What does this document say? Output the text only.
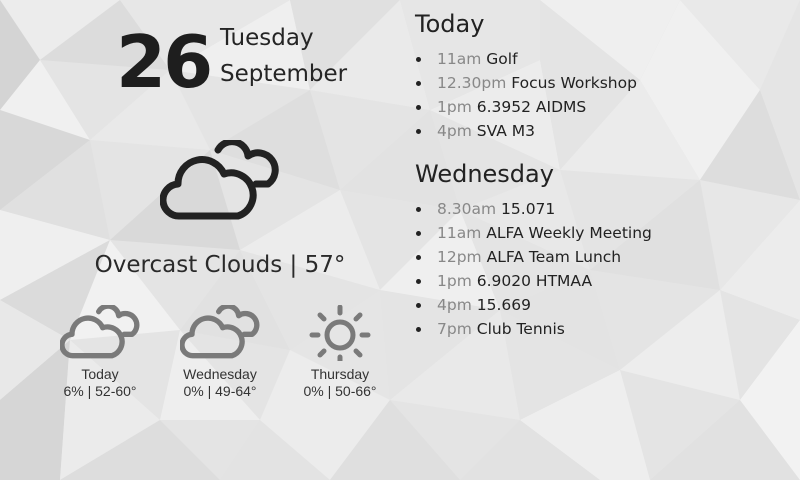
26 Tuesday
September
Overcast Clouds | 57°
Today
6% | 52-60°
Wednesday
0% | 49-64°
Thursday
0% | 50-66°
Today
11am Golf
12.30pm Focus Workshop
1pm 6.3952 AIDMS
4pm SVA M3
Wednesday
8.30am 15.071
11am ALFA Weekly Meeting
12pm ALFA Team Lunch
1pm 6.9020 HTMAA
4pm 15.669
7pm Club Tennis
